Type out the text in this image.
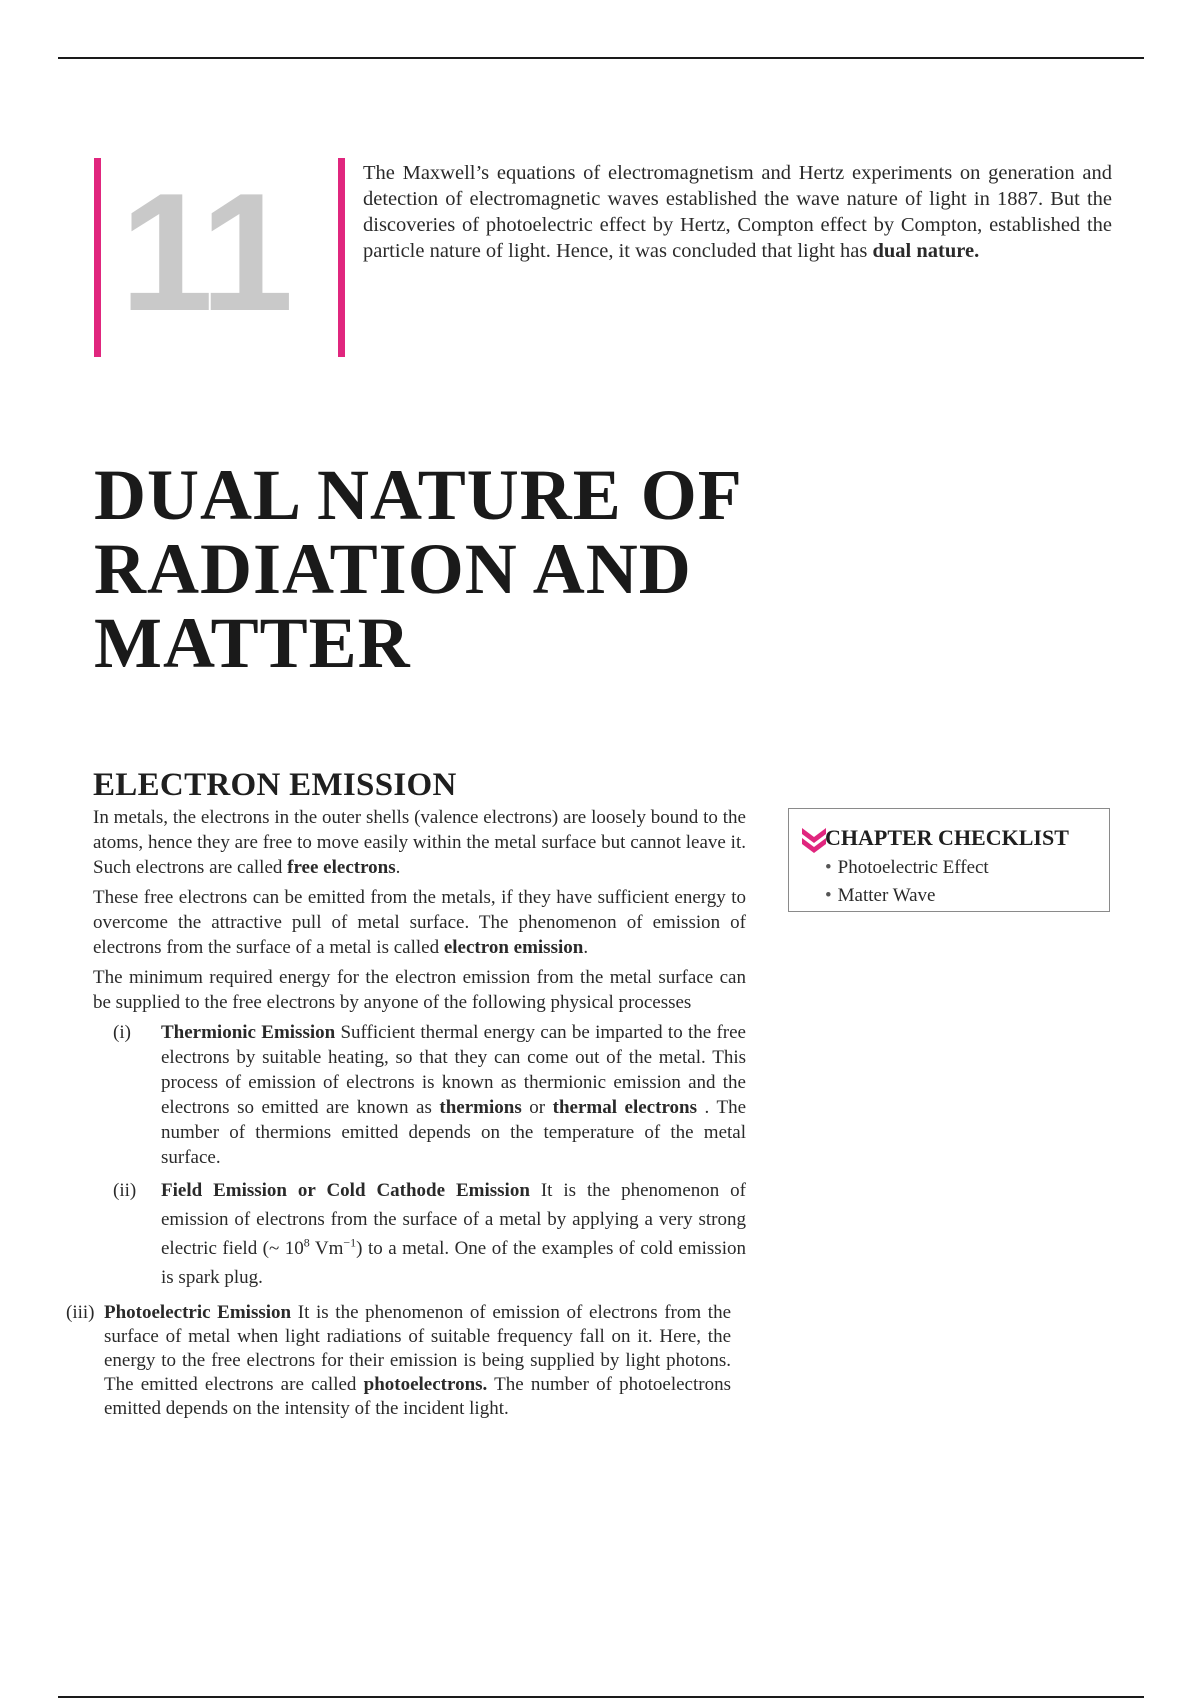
11	The Maxwell’s equations of electromagnetism and Hertz experiments on generation and detection of electromagnetic waves established the wave nature of light in 1887. But the discoveries of photoelectric effect by Hertz, Compton effect by Compton, established the particle nature of light. Hence, it was concluded that light has dual nature.

DUAL NATURE OF
RADIATION AND
MATTER
ELECTRON EMISSION

In metals, the electrons in the outer shells (valence electrons) are loosely bound to the atoms, hence they are free to move easily within the metal surface but cannot leave it. Such electrons are called free electrons.

These free electrons can be emitted from the metals, if they have sufficient energy to overcome the attractive pull of metal surface. The phenomenon of emission of electrons from the surface of a metal is called electron emission.

The minimum required energy for the electron emission from the metal surface can be supplied to the free electrons by anyone of the following physical processes

(i)	Thermionic Emission Sufficient thermal energy can be imparted to the free electrons by suitable heating, so that they can come out of the metal. This process of emission of electrons is known as thermionic emission and the electrons so emitted are known as thermions or thermal electrons . The number of thermions emitted depends on the temperature of the metal surface.
(ii)	Field Emission or Cold Cathode Emission It is the phenomenon of emission of electrons from the surface of a metal by applying a very strong electric field (~ $10^8$ $Vm^{-1}$) to a metal. One of the examples of cold emission is spark plug.

(iii) Photoelectric Emission It is the phenomenon of emission of electrons from the surface of metal when light radiations of suitable frequency fall on it. Here, the energy to the free electrons for their emission is being supplied by light photons. The emitted electrons are called photoelectrons. The number of photoelectrons emitted depends on the intensity of the incident light.

CHAPTER CHECKLIST

• Photoelectric Effect
• Matter Wave
